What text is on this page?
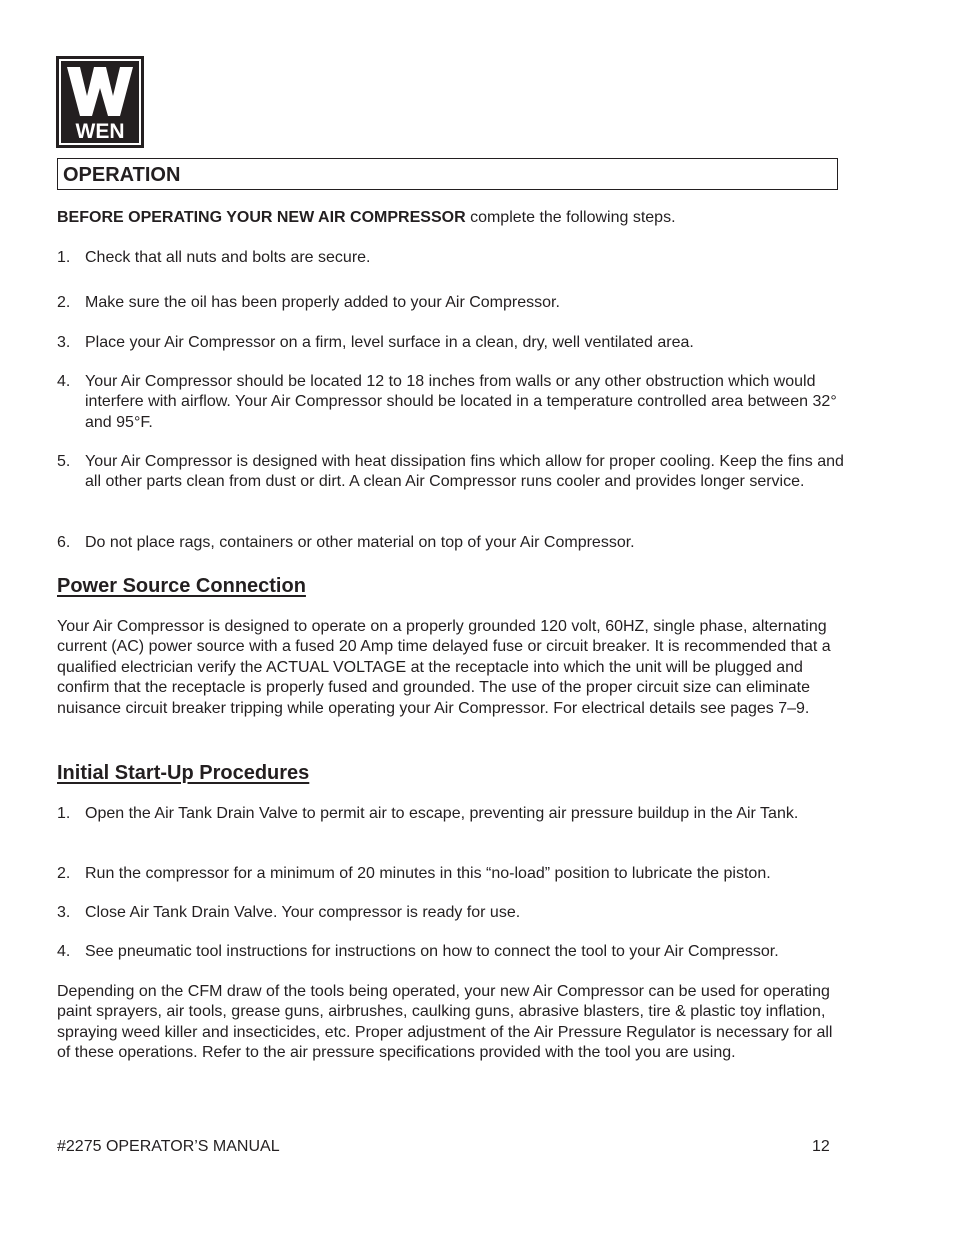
WEN
OPERATION
BEFORE OPERATING YOUR NEW AIR COMPRESSOR complete the following steps.
1. Check that all nuts and bolts are secure.
2. Make sure the oil has been properly added to your Air Compressor.
3. Place your Air Compressor on a firm, level surface in a clean, dry, well ventilated area.
4. Your Air Compressor should be located 12 to 18 inches from walls or any other obstruction which would interfere with airflow. Your Air Compressor should be located in a temperature controlled area between 32° and 95°F.
5. Your Air Compressor is designed with heat dissipation fins which allow for proper cooling. Keep the fins and all other parts clean from dust or dirt. A clean Air Compressor runs cooler and provides longer service.
6. Do not place rags, containers or other material on top of your Air Compressor.
Power Source Connection
Your Air Compressor is designed to operate on a properly grounded 120 volt, 60HZ, single phase, alternating current (AC) power source with a fused 20 Amp time delayed fuse or circuit breaker. It is recommended that a qualified electrician verify the ACTUAL VOLTAGE at the receptacle into which the unit will be plugged and confirm that the receptacle is properly fused and grounded. The use of the proper circuit size can eliminate nuisance circuit breaker tripping while operating your Air Compressor. For electrical details see pages 7–9.
Initial Start-Up Procedures
1. Open the Air Tank Drain Valve to permit air to escape, preventing air pressure buildup in the Air Tank.
2. Run the compressor for a minimum of 20 minutes in this “no-load” position to lubricate the piston.
3. Close Air Tank Drain Valve. Your compressor is ready for use.
4. See pneumatic tool instructions for instructions on how to connect the tool to your Air Compressor.
Depending on the CFM draw of the tools being operated, your new Air Compressor can be used for operating paint sprayers, air tools, grease guns, airbrushes, caulking guns, abrasive blasters, tire & plastic toy inflation, spraying weed killer and insecticides, etc. Proper adjustment of the Air Pressure Regulator is necessary for all of these operations. Refer to the air pressure specifications provided with the tool you are using.
#2275 OPERATOR’S MANUAL	12
